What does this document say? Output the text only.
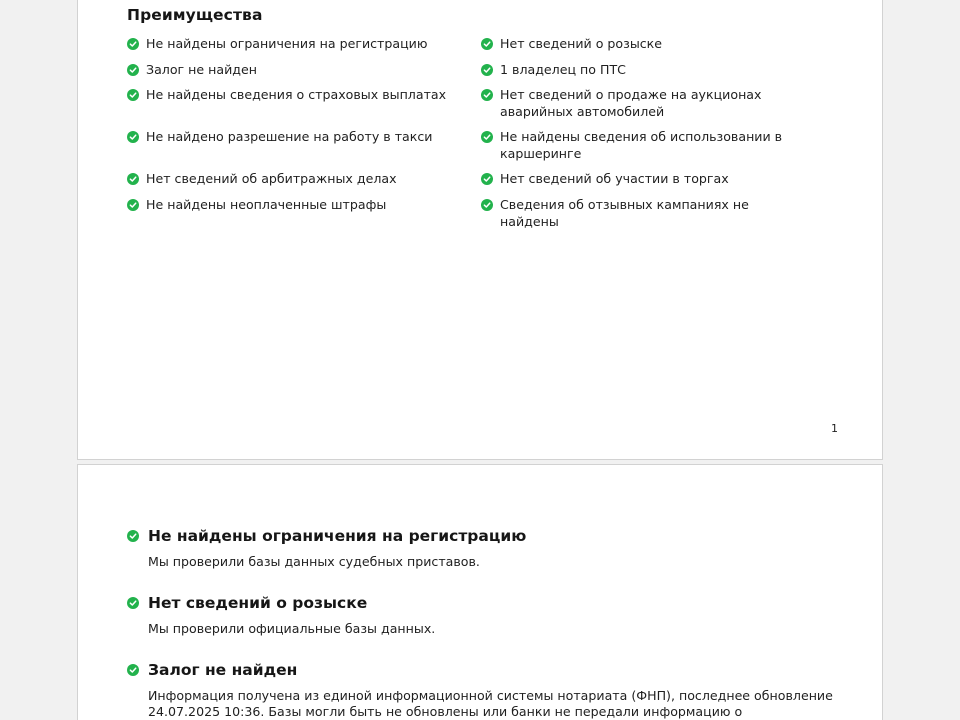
Преимущества
Не найдены ограничения на регистрацию
Залог не найден
Не найдены сведения о страховых выплатах
Не найдено разрешение на работу в такси
Нет сведений об арбитражных делах
Не найдены неоплаченные штрафы
Нет сведений о розыске
1 владелец по ПТС
Нет сведений о продаже на аукционах аварийных автомобилей
Не найдены сведения об использовании в каршеринге
Нет сведений об участии в торгах
Сведения об отзывных кампаниях не найдены
1
Не найдены ограничения на регистрацию
Мы проверили базы данных судебных приставов.
Нет сведений о розыске
Мы проверили официальные базы данных.
Залог не найден
Информация получена из единой информационной системы нотариата (ФНП), последнее обновление 24.07.2025 10:36. Базы могли быть не обновлены или банки не передали информацию о
